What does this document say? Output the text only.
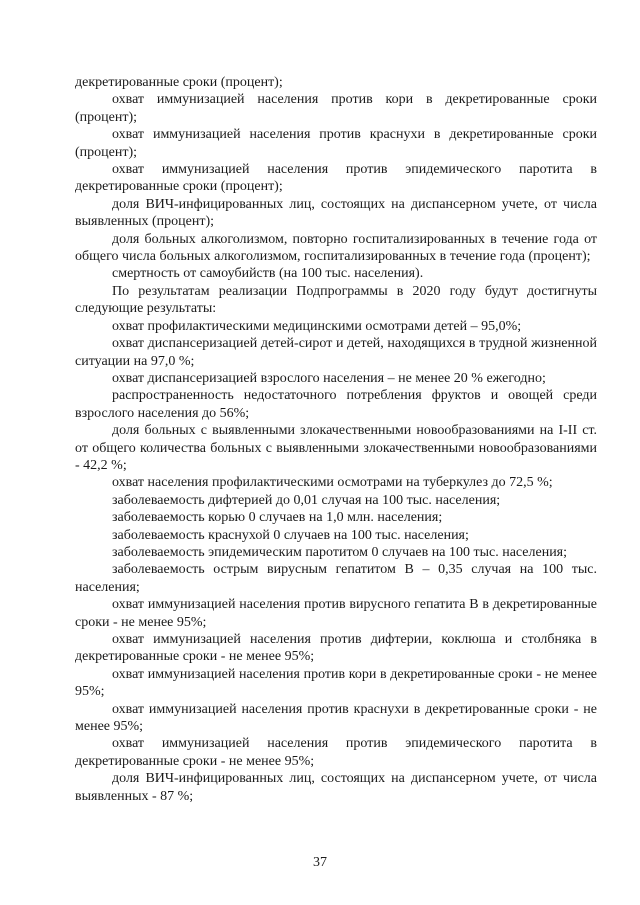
декретированные сроки (процент);

охват иммунизацией населения против кори в декретированные сроки (процент);

охват иммунизацией населения против краснухи в декретированные сроки (процент);

охват иммунизацией населения против эпидемического паротита в декретированные сроки (процент);

доля ВИЧ-инфицированных лиц, состоящих на диспансерном учете, от числа выявленных (процент);

доля больных алкоголизмом, повторно госпитализированных в течение года от общего числа больных алкоголизмом, госпитализированных в течение года (процент);

смертность от самоубийств (на 100 тыс. населения).

По результатам реализации Подпрограммы в 2020 году будут достигнуты следующие результаты:

охват профилактическими медицинскими осмотрами детей – 95,0%;

охват диспансеризацией детей-сирот и детей, находящихся в трудной жизненной ситуации на 97,0 %;

охват диспансеризацией взрослого населения – не менее 20 % ежегодно;

распространенность недостаточного потребления фруктов и овощей среди взрослого населения до 56%;

доля больных с выявленными злокачественными новообразованиями на I-II ст. от общего количества больных с выявленными злокачественными новообразованиями - 42,2 %;

охват населения профилактическими осмотрами на туберкулез до 72,5 %;

заболеваемость дифтерией до 0,01 случая на 100 тыс. населения;

заболеваемость корью 0 случаев на 1,0 млн. населения;

заболеваемость краснухой 0 случаев на 100 тыс. населения;

заболеваемость эпидемическим паротитом 0 случаев на 100 тыс. населения;

заболеваемость острым вирусным гепатитом В – 0,35 случая на 100 тыс. населения;

охват иммунизацией населения против вирусного гепатита В в декретированные сроки - не менее 95%;

охват иммунизацией населения против дифтерии, коклюша и столбняка в декретированные сроки - не менее 95%;

охват иммунизацией населения против кори в декретированные сроки - не менее 95%;

охват иммунизацией населения против краснухи в декретированные сроки - не менее 95%;

охват иммунизацией населения против эпидемического паротита в декретированные сроки - не менее 95%;

доля ВИЧ-инфицированных лиц, состоящих на диспансерном учете, от числа выявленных - 87 %;

37
